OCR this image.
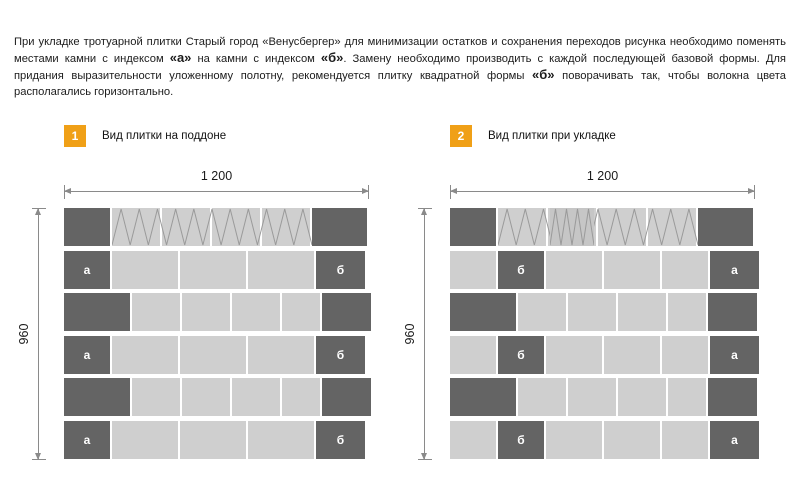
При укладке тротуарной плитки Старый город «Венусбергер» для минимизации остатков и сохранения переходов рисунка необходимо поменять местами камни с индексом «а» на камни с индексом «б». Замену необходимо производить с каждой последующей базовой формы. Для придания выразительности уложенному полотну, рекомендуется плитку квадратной формы «б» поворачивать так, чтобы волокна цвета располагались горизонтально.
1	Вид плитки на поддоне
1 200
960
а	б
а	б
а	б
2	Вид плитки при укладке
1 200
960
б	а
б	а
б	а
